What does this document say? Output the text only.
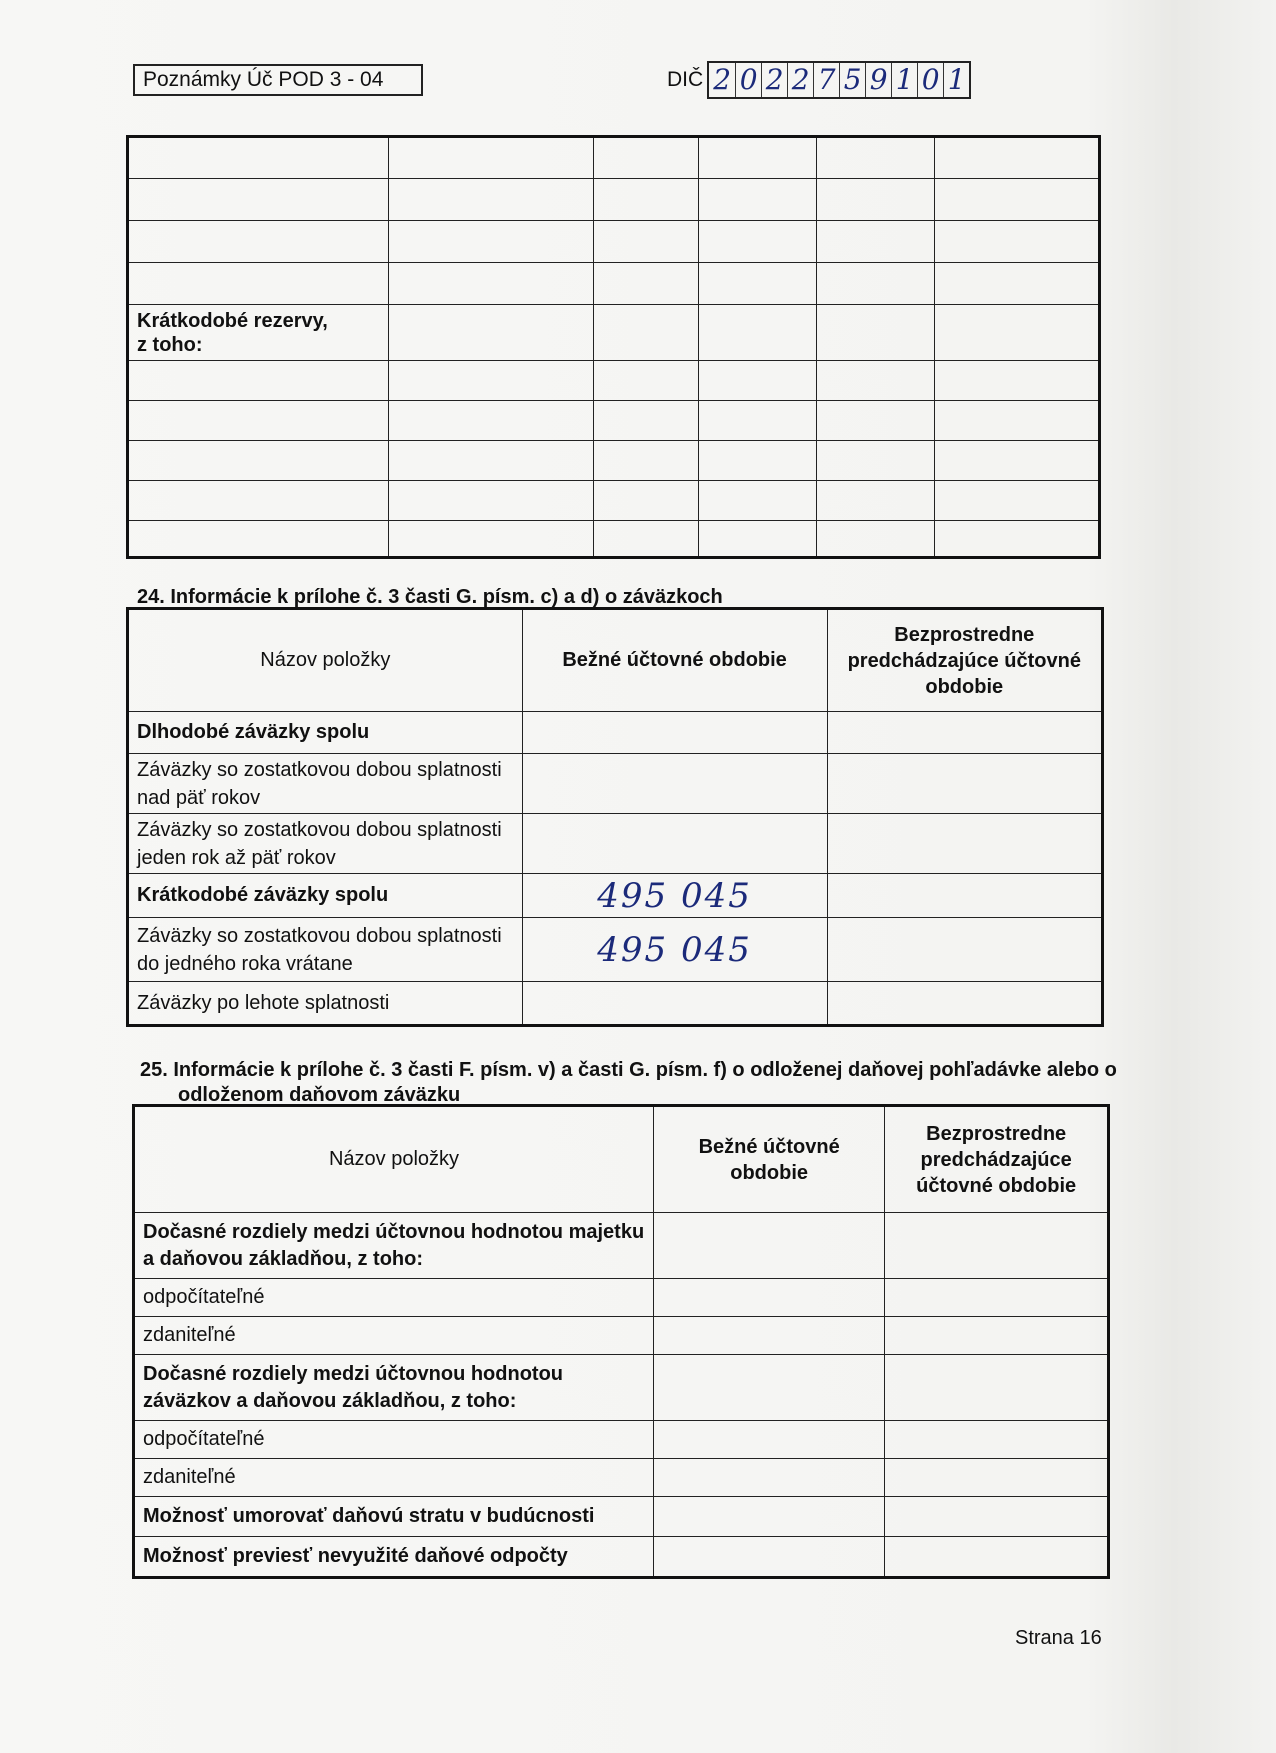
Poznámky Úč POD 3 - 04	DIČ 2 0 2 2 7 5 9 1 0 1

Krátkodobé rezervy,
z toho:					

24. Informácie k prílohe č. 3 časti G. písm. c) a d) o záväzkoch
Názov položky	Bežné účtovné obdobie	Bezprostredne predchádzajúce účtovné obdobie
Dlhodobé záväzky spolu		
Záväzky so zostatkovou dobou splatnosti nad päť rokov		
Záväzky so zostatkovou dobou splatnosti jeden rok až päť rokov		
Krátkodobé záväzky spolu	495 045	
Záväzky so zostatkovou dobou splatnosti do jedného roka vrátane	495 045	
Záväzky po lehote splatnosti		
25. Informácie k prílohe č. 3 časti F. písm. v) a časti G. písm. f) o odloženej daňovej pohľadávke alebo o
odloženom daňovom záväzku
Názov položky	Bežné účtovné obdobie	Bezprostredne predchádzajúce účtovné obdobie
Dočasné rozdiely medzi účtovnou hodnotou majetku a daňovou základňou, z toho:		
odpočítateľné		
zdaniteľné		
Dočasné rozdiely medzi účtovnou hodnotou záväzkov a daňovou základňou, z toho:		
odpočítateľné		
zdaniteľné		
Možnosť umorovať daňovú stratu v budúcnosti		
Možnosť previesť nevyužité daňové odpočty		
Strana 16
